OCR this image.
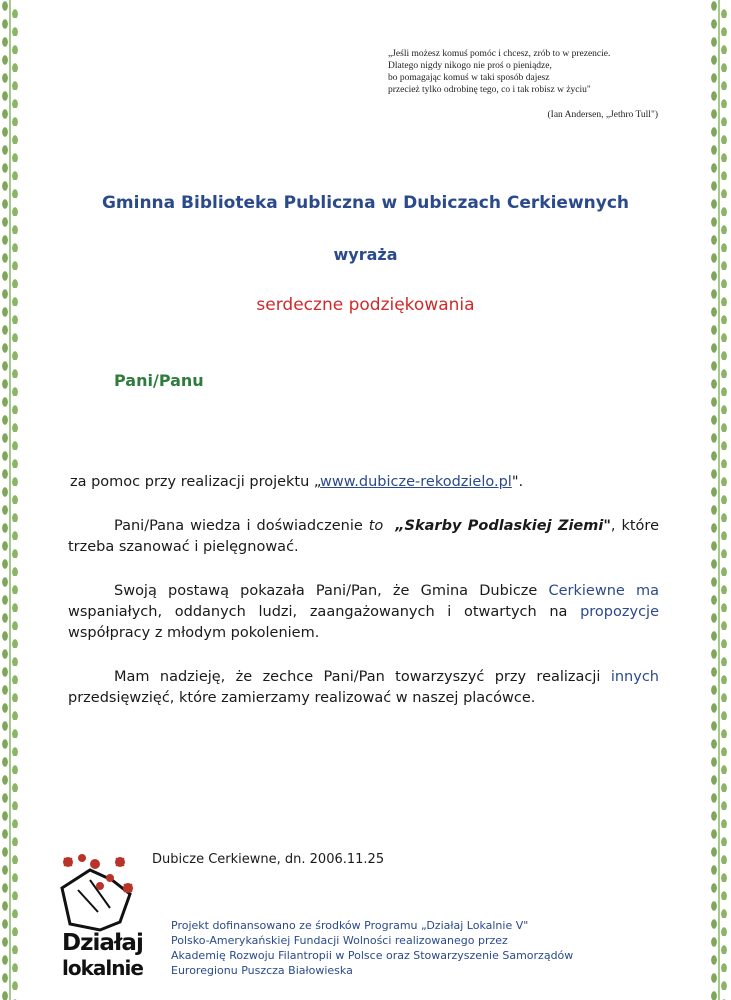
„Jeśli możesz komuś pomóc i chcesz, zrób to w prezencie.
Dlatego nigdy nikogo nie proś o pieniądze,
bo pomagając komuś w taki sposób dajesz
przecież tylko odrobinę tego, co i tak robisz w życiu"
(Ian Andersen, „Jethro Tull")
Gminna Biblioteka Publiczna w Dubiczach Cerkiewnych
wyraża
serdeczne podziękowania
Pani/Panu
za pomoc przy realizacji projektu „www.dubicze-rekodzielo.pl".
Pani/Pana wiedza i doświadczenie to „Skarby Podlaskiej Ziemi", które trzeba szanować i pielęgnować.
Swoją postawą pokazała Pani/Pan, że Gmina Dubicze Cerkiewne ma wspaniałych, oddanych ludzi, zaangażowanych i otwartych na propozycje współpracy z młodym pokoleniem.
Mam nadzieję, że zechce Pani/Pan towarzyszyć przy realizacji innych przedsięwzięć, które zamierzamy realizować w naszej placówce.
Dubicze Cerkiewne, dn. 2006.11.25
Działaj
lokalnie
Projekt dofinansowano ze środków Programu „Działaj Lokalnie V"
Polsko-Amerykańskiej Fundacji Wolności realizowanego przez
Akademię Rozwoju Filantropii w Polsce oraz Stowarzyszenie Samorządów
Euroregionu Puszcza Białowieska
